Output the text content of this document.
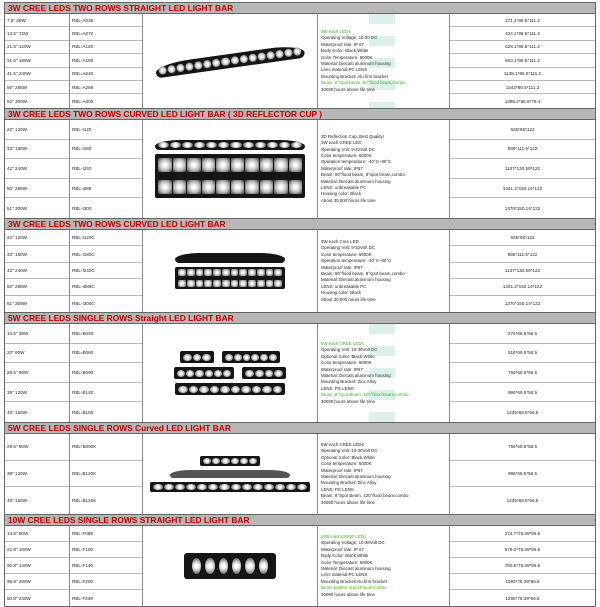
3W CREE LEDS TWO ROWS STRAIGHT LED LIGHT BAR
7.5" 36W
13.5" 72W
21.5" 120W
31.5" 180W
41.5" 240W
50" 288W
52" 300W
RBL-A036
RBL-A072
RBL-A120
RBL-A180
RBL-A240
RBL-A288
RBL-A300
3W each LEDs
Operating Voltage: 10-30 DC
Waterproof rate: IP 67
Body Color: Black,White
Color Temperature: 6000K
Material: Diecast aluminum housing
Lens material:PC LENS
Mounting Bracket: Alu firm bracket
Beam: 9°Spot beam, 60°flood beam,combo
30000 hours above life time
271.1*86.5*111.2
424.1*86.5*111.2
628.1*86.5*111.2
863.1*86.5*111.2
1138.1*86.5*111.2
1343*86.5*111.2
1385.2*86.5*78.4
3W CREE LEDS TWO ROWS CURVED LED LIGHT BAR ( 3D REFLECTOR CUP )
22" 120W
33" 180W
42" 240W
50" 288W
51" 300W
RBL-I120
RBL-I180
RBL-I240
RBL-I288
RBL-I300
3D Reflection Cup, Best Quality!
3W each CREE LED
Operating Volt: 9-32Volt DC
Color temperature: 6000K
Operation temperature: -40°C~80°C
Waterproof rate: IP67
Beam: 90°flood beam, 8°spot beam,combo
Material: Diecast aluminum housing
LENS: unbreakable PC
Housing color: Black
About 30,000 hours life time
635*98*122
886*111.5*122
1137*130.59*122
1341.2*150.14*122
1370*150.14*122
3W CREE LEDS TWO ROWS CURVED LED LIGHT BAR
22" 120W
33" 180W
42" 240W
50" 288W
51" 300W
RBL-I120C
RBL-I180C
RBL-I240C
RBL-I288C
RBL-I300C
3W each Cree LED
Operating Volt: 9-32Volt DC
Color temperature: 6000K
Operation temperature: -40°C~80°C
Waterproof rate: IP67
Beam: 90°flood beam, 8°spot beam,combo
Material: Diecast aluminum housing
LENS: unbreakable PC
Housing color: Black
About 30,000 hours life time
635*98*122
886*111.5*122
1137*130.59*122
1341.2*150.14*122
1370*150.14*122
5W CREE LEDS SINGLE ROWS Straight LED LIGHT BAR
10.5" 30W
20" 60W
29.5" 90W
39" 120W
49" 150W
RBL-B030
RBL-B060
RBL-B090
RBL-B120
RBL-B150
5W each CREE LEDs
Operating Volt: 10-30Volt DC
Optional Color: Black,White
Color temperature: 6000K
Waterproof rate: IP67
Material: Diecast aluminum housing
Mounting Bracket: Zinc Alloy
LENS: PC LENS
Beam: 8°Spot Beam, 120°flood beam,combo
30000 hours above life time
276*68.5*56.5
516*68.5*56.5
756*68.5*56.5
996*68.5*56.5
1235*68.5*56.5
5W CREE LEDS SINGLE ROWS Curved LED LIGHT BAR
29.5" 90W
39" 120W
49" 150W
RBL-B090K
RBL-B120K
RBL-B120K
5W each CREE LEDs
Operating Volt: 10-30Volt DC
Optional Color: Black,White
Color temperature: 6000K
Waterproof rate: IP67
Material: Diecast aluminum housing
Mounting Bracket: Zinc Alloy
LENS: PC LENS
Beam: 8°Spot Beam, 120°flood beam,combo
30000 hours above life time
756*68.5*56.5
996*68.5*56.5
1235*68.5*56.5
10W CREE LEDS SINGLE ROWS STRAIGHT LED LIGHT BAR
14.8" 80W
22.8" 100W
30.8" 140W
39.8" 200W
50.8" 240W
RBL-F080
RBL-F100
RBL-F140
RBL-F200
RBL-F240
10W each CREE LEDs
Operating Voltage: 10-30Volt DC
Waterproof rate: IP 67
Body Color: Black,White
Color Temperature: 6000K
Material: Diecast aluminum housing
Lens material:PC LENS
Mounting Bracket:Alu firm bracket
Beam pattern: Spot,Flood,Combo
30000 hours above life time
374.7*76.39*86.5
579.3*76.39*86.5
780.5*76.39*86.5
1090*76.39*86.5
1295*76.39*86.5
